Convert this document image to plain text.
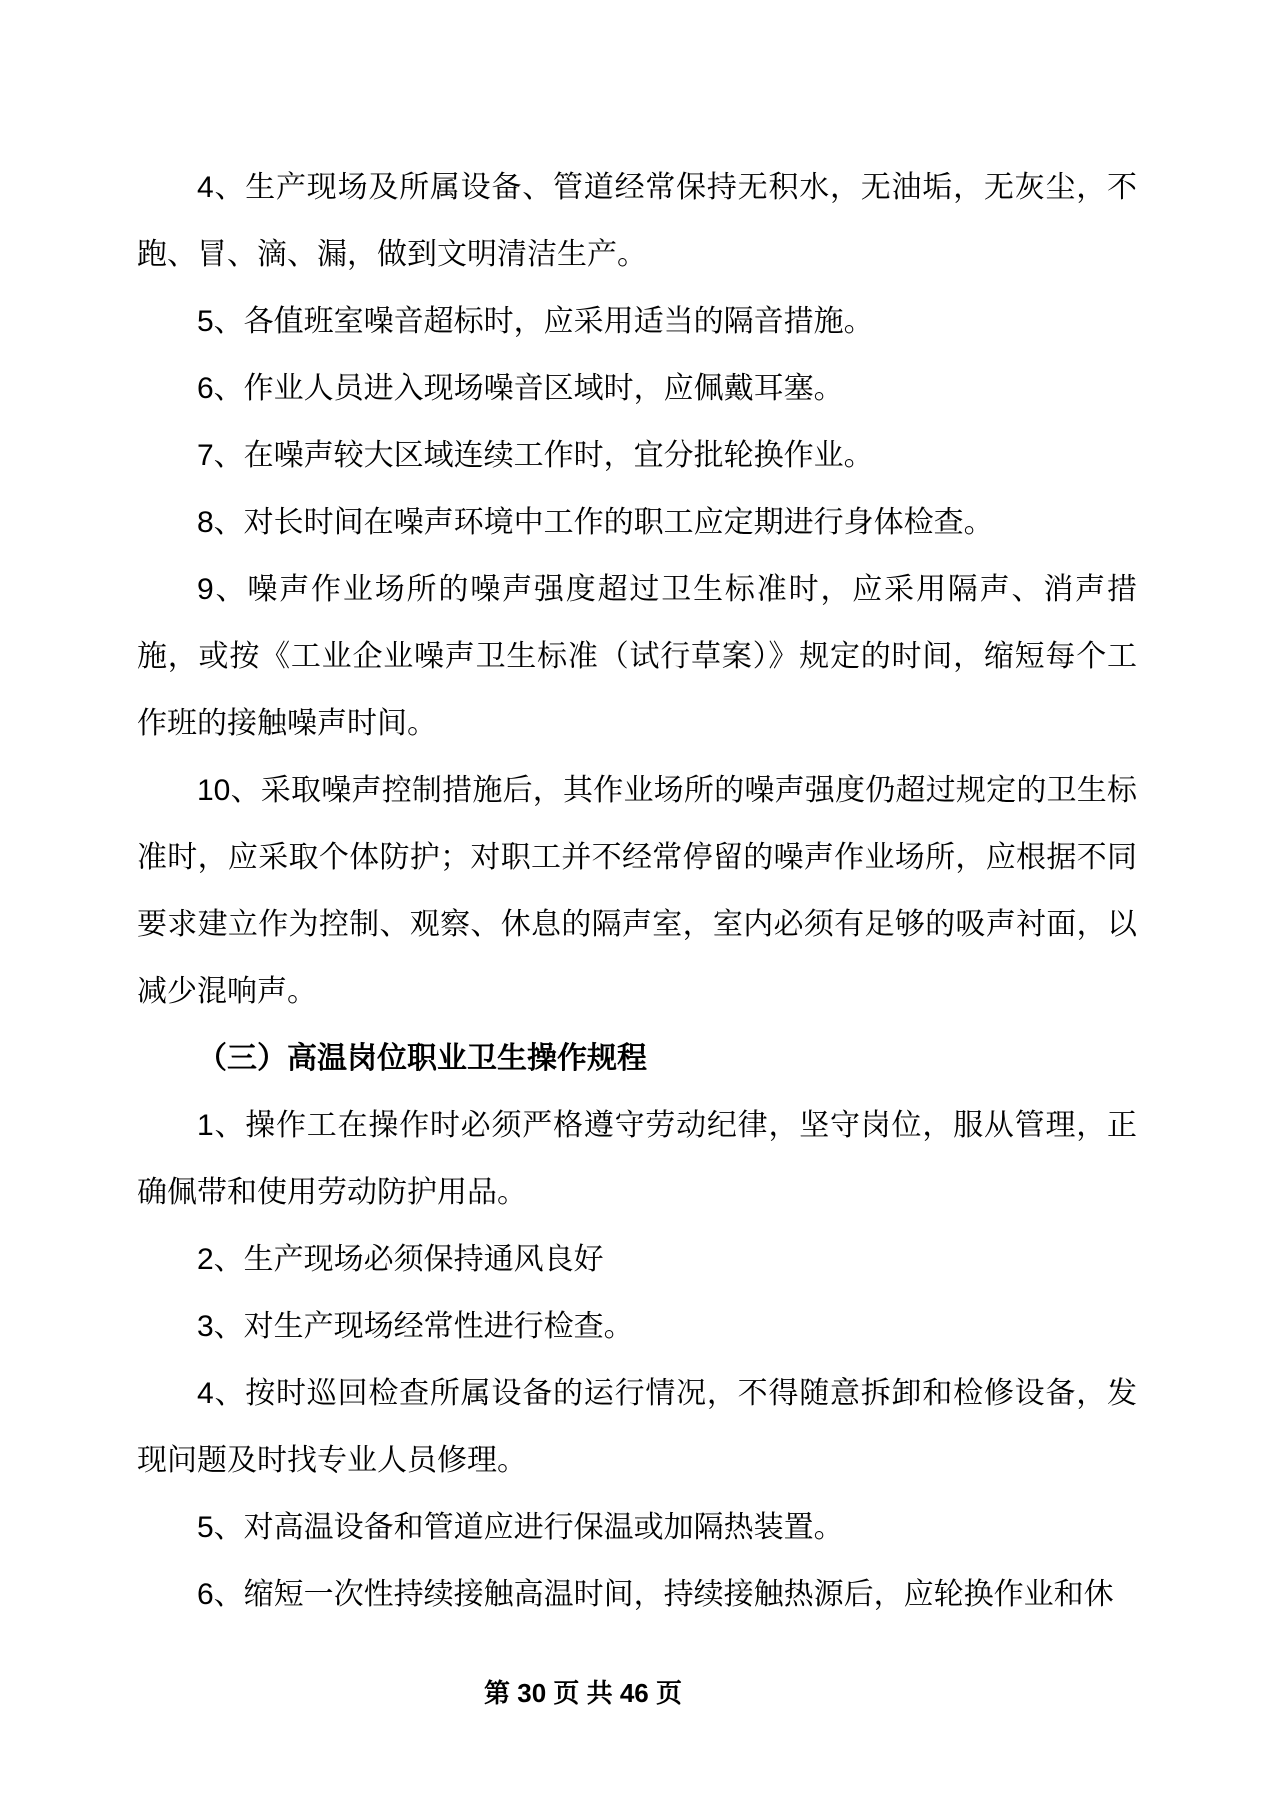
4、生产现场及所属设备、管道经常保持无积水，无油垢，无灰尘，不跑、冒、滴、漏，做到文明清洁生产。

5、各值班室噪音超标时，应采用适当的隔音措施。

6、作业人员进入现场噪音区域时，应佩戴耳塞。

7、在噪声较大区域连续工作时，宜分批轮换作业。

8、对长时间在噪声环境中工作的职工应定期进行身体检查。

9、噪声作业场所的噪声强度超过卫生标准时，应采用隔声、消声措施，或按《工业企业噪声卫生标准（试行草案）》规定的时间，缩短每个工作班的接触噪声时间。

10、采取噪声控制措施后，其作业场所的噪声强度仍超过规定的卫生标准时，应采取个体防护；对职工并不经常停留的噪声作业场所，应根据不同要求建立作为控制、观察、休息的隔声室，室内必须有足够的吸声衬面，以减少混响声。

（三）高温岗位职业卫生操作规程

1、操作工在操作时必须严格遵守劳动纪律，坚守岗位，服从管理，正确佩带和使用劳动防护用品。

2、生产现场必须保持通风良好

3、对生产现场经常性进行检查。

4、按时巡回检查所属设备的运行情况，不得随意拆卸和检修设备，发现问题及时找专业人员修理。

5、对高温设备和管道应进行保温或加隔热装置。

6、缩短一次性持续接触高温时间，持续接触热源后，应轮换作业和休

第 30 页 共 46 页
